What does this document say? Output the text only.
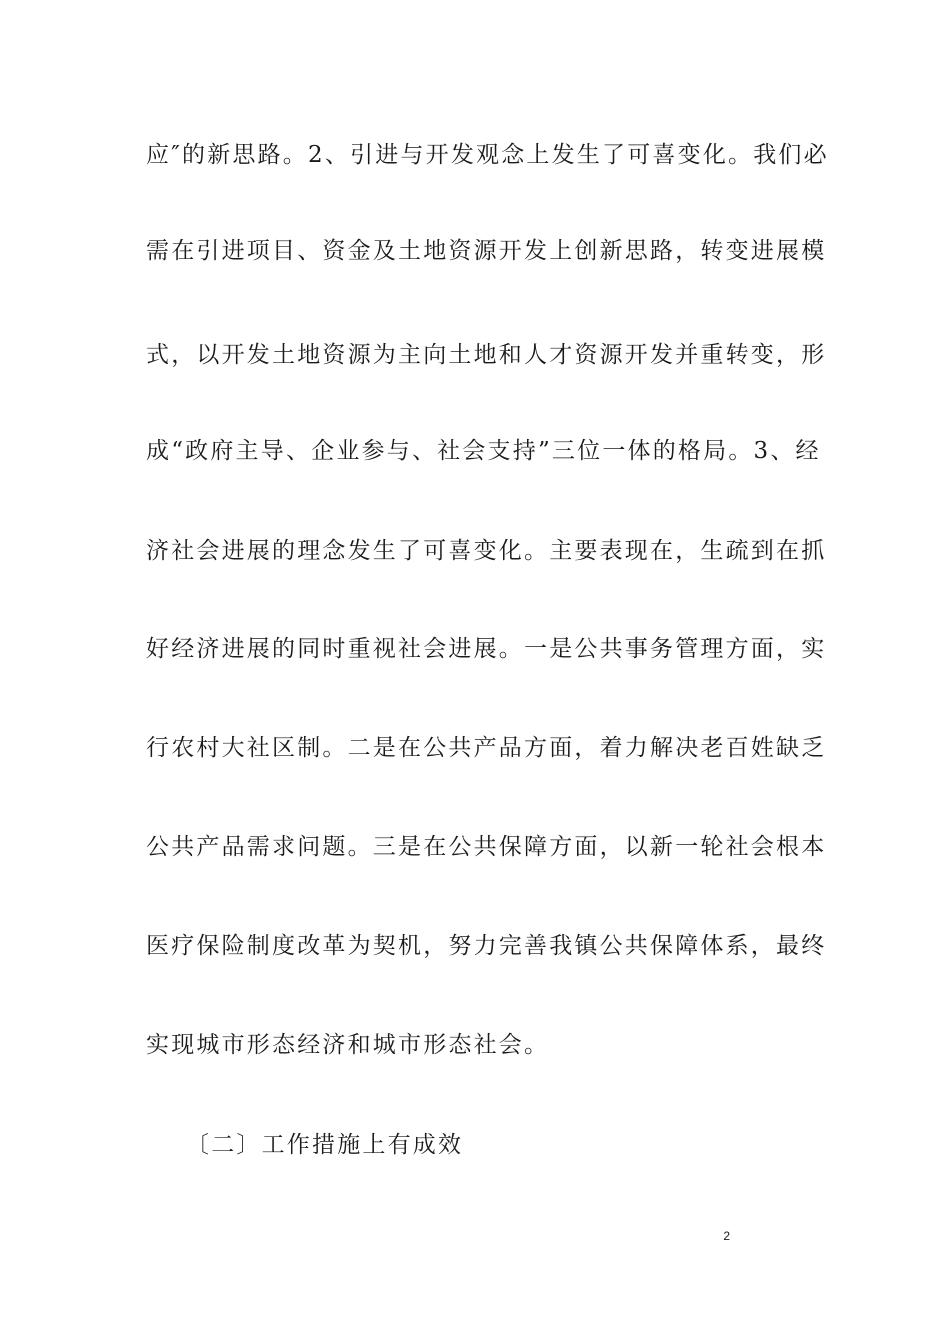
应″的新思路。2、引进与开发观念上发生了可喜变化。我们必
需在引进项目、资金及土地资源开发上创新思路，转变进展模
式，以开发土地资源为主向土地和人才资源开发并重转变，形
成“政府主导、企业参与、社会支持”三位一体的格局。3、经
济社会进展的理念发生了可喜变化。主要表现在，生疏到在抓
好经济进展的同时重视社会进展。一是公共事务管理方面，实
行农村大社区制。二是在公共产品方面，着力解决老百姓缺乏
公共产品需求问题。三是在公共保障方面，以新一轮社会根本
医疗保险制度改革为契机，努力完善我镇公共保障体系，最终
实现城市形态经济和城市形态社会。
〔二〕工作措施上有成效
2
